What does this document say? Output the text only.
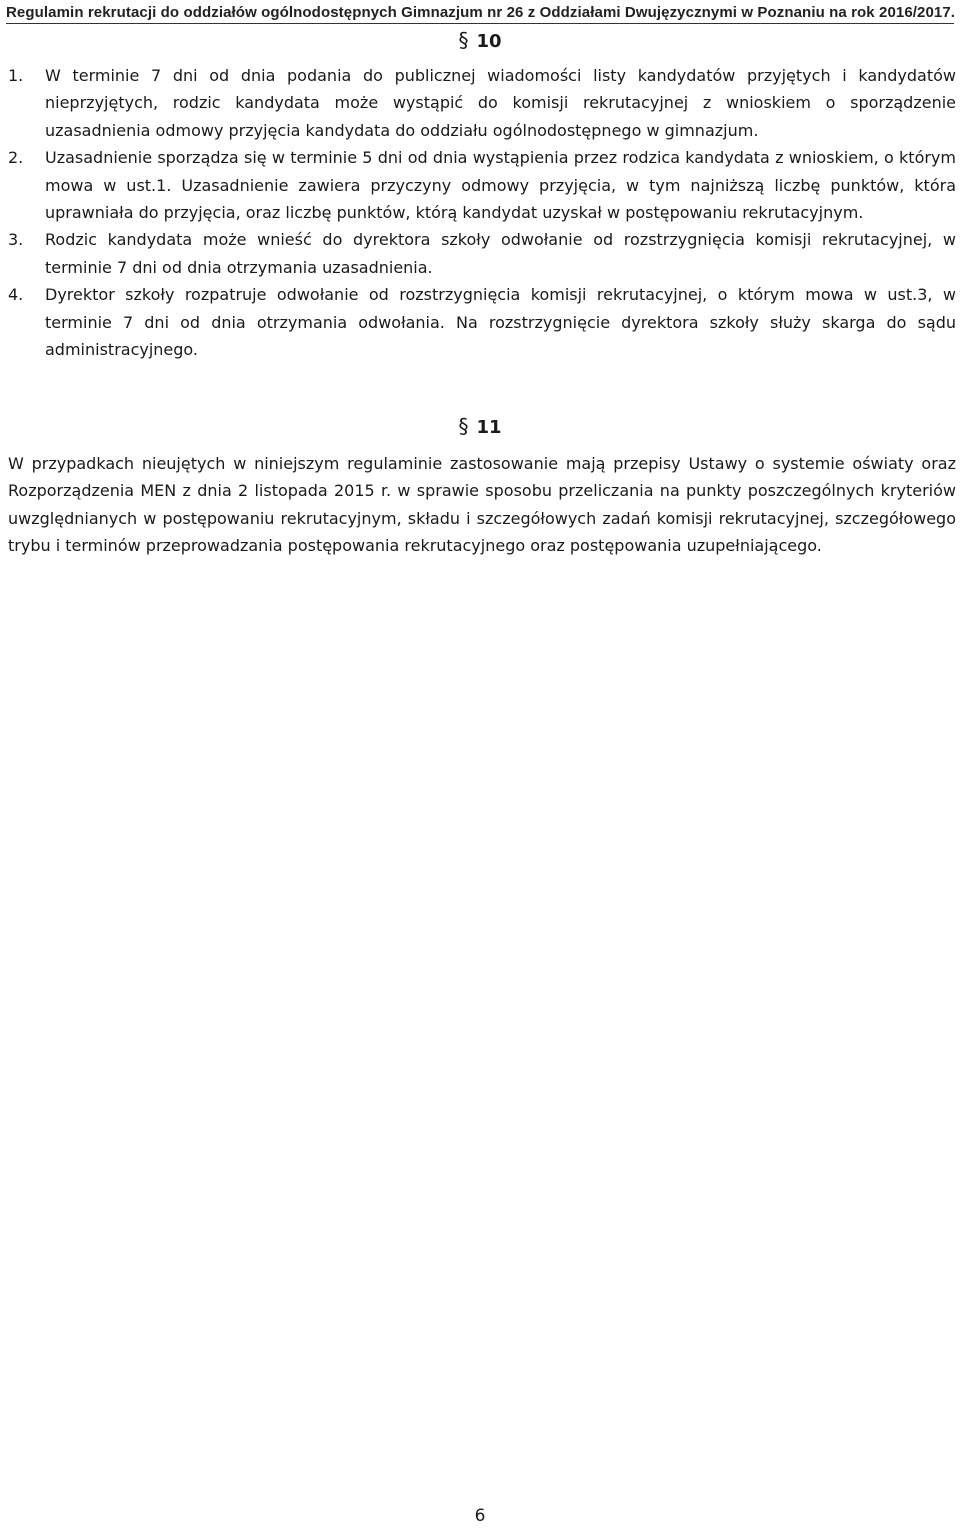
Regulamin rekrutacji do oddziałów ogólnodostępnych Gimnazjum nr 26 z Oddziałami Dwujęzycznymi w Poznaniu na rok 2016/2017.
§ 10
1.	W terminie 7 dni od dnia podania do publicznej wiadomości listy kandydatów przyjętych i kandydatów nieprzyjętych, rodzic kandydata może wystąpić do komisji rekrutacyjnej z wnioskiem o sporządzenie uzasadnienia odmowy przyjęcia kandydata do oddziału ogólnodostępnego w gimnazjum.
2.	Uzasadnienie sporządza się w terminie 5 dni od dnia wystąpienia przez rodzica kandydata z wnioskiem, o którym mowa w ust.1. Uzasadnienie zawiera przyczyny odmowy przyjęcia, w tym najniższą liczbę punktów, która uprawniała do przyjęcia, oraz liczbę punktów, którą kandydat uzyskał w postępowaniu rekrutacyjnym.
3.	Rodzic kandydata może wnieść do dyrektora szkoły odwołanie od rozstrzygnięcia komisji rekrutacyjnej, w terminie 7 dni od dnia otrzymania uzasadnienia.
4.	Dyrektor szkoły rozpatruje odwołanie od rozstrzygnięcia komisji rekrutacyjnej, o którym mowa w ust.3, w terminie 7 dni od dnia otrzymania odwołania. Na rozstrzygnięcie dyrektora szkoły służy skarga do sądu administracyjnego.
§ 11
W przypadkach nieujętych w niniejszym regulaminie zastosowanie mają przepisy Ustawy o systemie oświaty oraz Rozporządzenia MEN z dnia 2 listopada 2015 r. w sprawie sposobu przeliczania na punkty poszczególnych kryteriów uwzględnianych w postępowaniu rekrutacyjnym, składu i szczegółowych zadań komisji rekrutacyjnej, szczegółowego trybu i terminów przeprowadzania postępowania rekrutacyjnego oraz postępowania uzupełniającego.
6
